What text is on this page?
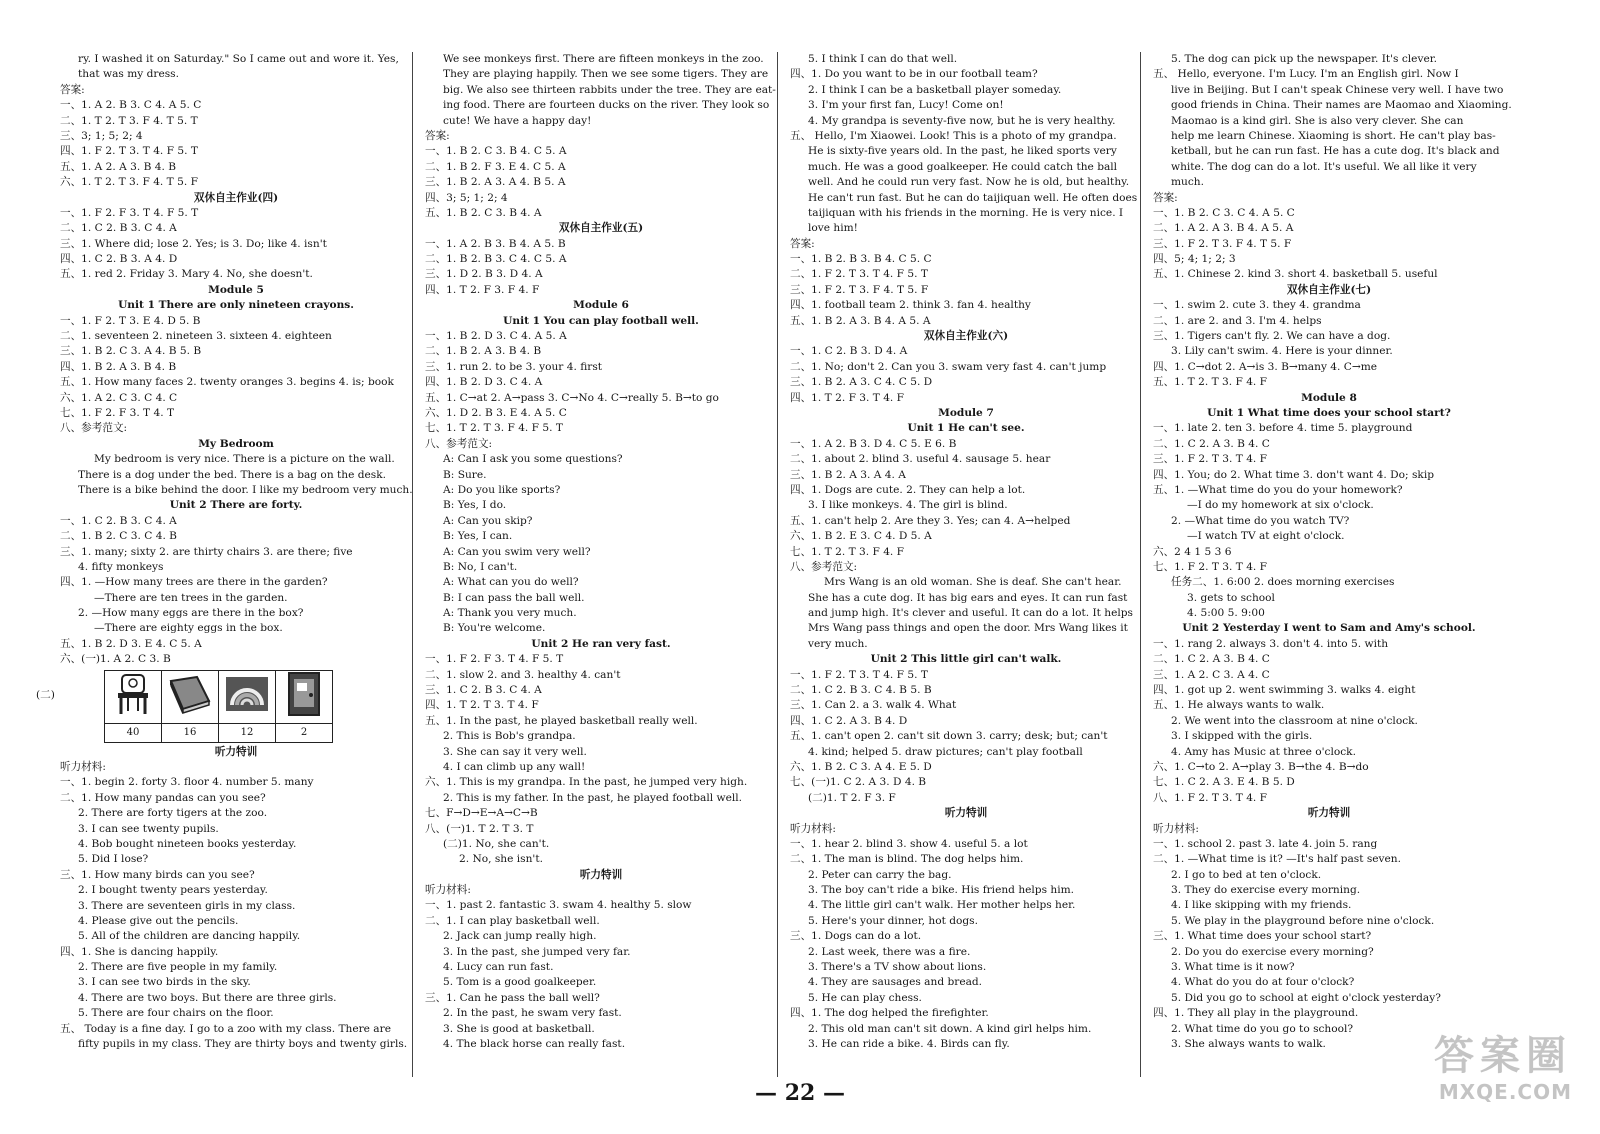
ry. I washed it on Saturday." So I came out and wore it. Yes,
that was my dress.
答案:
一、1. A 2. B 3. C 4. A 5. C
二、1. T 2. T 3. F 4. T 5. T
三、3; 1; 5; 2; 4
四、1. F 2. T 3. T 4. F 5. T
五、1. A 2. A 3. B 4. B
六、1. T 2. T 3. F 4. T 5. F
双休自主作业(四)
一、1. F 2. F 3. T 4. F 5. T
二、1. C 2. B 3. C 4. A
三、1. Where did; lose 2. Yes; is 3. Do; like 4. isn't
四、1. C 2. B 3. A 4. D
五、1. red 2. Friday 3. Mary 4. No, she doesn't.
Module 5
Unit 1 There are only nineteen crayons.
一、1. F 2. T 3. E 4. D 5. B
二、1. seventeen 2. nineteen 3. sixteen 4. eighteen
三、1. B 2. C 3. A 4. B 5. B
四、1. B 2. A 3. B 4. B
五、1. How many faces 2. twenty oranges 3. begins 4. is; book
六、1. A 2. C 3. C 4. C
七、1. F 2. F 3. T 4. T
八、参考范文:
My Bedroom
My bedroom is very nice. There is a picture on the wall.
There is a dog under the bed. There is a bag on the desk.
There is a bike behind the door. I like my bedroom very much.
Unit 2 There are forty.
一、1. C 2. B 3. C 4. A
二、1. B 2. C 3. C 4. B
三、1. many; sixty 2. are thirty chairs 3. are there; five
4. fifty monkeys
四、1. —How many trees are there in the garden?
—There are ten trees in the garden.
2. —How many eggs are there in the box?
—There are eighty eggs in the box.
五、1. B 2. D 3. E 4. C 5. A
六、(一)1. A 2. C 3. B
(二)

40	16	12	2
听力特训
听力材料:
一、1. begin 2. forty 3. floor 4. number 5. many
二、1. How many pandas can you see?
2. There are forty tigers at the zoo.
3. I can see twenty pupils.
4. Bob bought nineteen books yesterday.
5. Did I lose?
三、1. How many birds can you see?
2. I bought twenty pears yesterday.
3. There are seventeen girls in my class.
4. Please give out the pencils.
5. All of the children are dancing happily.
四、1. She is dancing happily.
2. There are five people in my family.
3. I can see two birds in the sky.
4. There are two boys. But there are three girls.
5. There are four chairs on the floor.
五、 Today is a fine day. I go to a zoo with my class. There are
fifty pupils in my class. They are thirty boys and twenty girls.
We see monkeys first. There are fifteen monkeys in the zoo.
They are playing happily. Then we see some tigers. They are
big. We also see thirteen rabbits under the tree. They are eat-
ing food. There are fourteen ducks on the river. They look so
cute! We have a happy day!
答案:
一、1. B 2. C 3. B 4. C 5. A
二、1. B 2. F 3. E 4. C 5. A
三、1. B 2. A 3. A 4. B 5. A
四、3; 5; 1; 2; 4
五、1. B 2. C 3. B 4. A
双休自主作业(五)
一、1. A 2. B 3. B 4. A 5. B
二、1. B 2. B 3. C 4. C 5. A
三、1. D 2. B 3. D 4. A
四、1. T 2. F 3. F 4. F
Module 6
Unit 1 You can play football well.
一、1. B 2. D 3. C 4. A 5. A
二、1. B 2. A 3. B 4. B
三、1. run 2. to be 3. your 4. first
四、1. B 2. D 3. C 4. A
五、1. C→at 2. A→pass 3. C→No 4. C→really 5. B→to go
六、1. D 2. B 3. E 4. A 5. C
七、1. T 2. T 3. F 4. F 5. T
八、参考范文:
A: Can I ask you some questions?
B: Sure.
A: Do you like sports?
B: Yes, I do.
A: Can you skip?
B: Yes, I can.
A: Can you swim very well?
B: No, I can't.
A: What can you do well?
B: I can pass the ball well.
A: Thank you very much.
B: You're welcome.
Unit 2 He ran very fast.
一、1. F 2. F 3. T 4. F 5. T
二、1. slow 2. and 3. healthy 4. can't
三、1. C 2. B 3. C 4. A
四、1. T 2. T 3. T 4. F
五、1. In the past, he played basketball really well.
2. This is Bob's grandpa.
3. She can say it very well.
4. I can climb up any wall!
六、1. This is my grandpa. In the past, he jumped very high.
2. This is my father. In the past, he played football well.
七、F→D→E→A→C→B
八、(一)1. T 2. T 3. T
(二)1. No, she can't.
2. No, she isn't.
听力特训
听力材料:
一、1. past 2. fantastic 3. swam 4. healthy 5. slow
二、1. I can play basketball well.
2. Jack can jump really high.
3. In the past, she jumped very far.
4. Lucy can run fast.
5. Tom is a good goalkeeper.
三、1. Can he pass the ball well?
2. In the past, he swam very fast.
3. She is good at basketball.
4. The black horse can really fast.
5. I think I can do that well.
四、1. Do you want to be in our football team?
2. I think I can be a basketball player someday.
3. I'm your first fan, Lucy! Come on!
4. My grandpa is seventy-five now, but he is very healthy.
五、 Hello, I'm Xiaowei. Look! This is a photo of my grandpa.
He is sixty-five years old. In the past, he liked sports very
much. He was a good goalkeeper. He could catch the ball
well. And he could run very fast. Now he is old, but healthy.
He can't run fast. But he can do taijiquan well. He often does
taijiquan with his friends in the morning. He is very nice. I
love him!
答案:
一、1. B 2. B 3. B 4. C 5. C
二、1. F 2. T 3. T 4. F 5. T
三、1. F 2. T 3. F 4. T 5. F
四、1. football team 2. think 3. fan 4. healthy
五、1. B 2. A 3. B 4. A 5. A
双休自主作业(六)
一、1. C 2. B 3. D 4. A
二、1. No; don't 2. Can you 3. swam very fast 4. can't jump
三、1. B 2. A 3. C 4. C 5. D
四、1. T 2. F 3. T 4. F
Module 7
Unit 1 He can't see.
一、1. A 2. B 3. D 4. C 5. E 6. B
二、1. about 2. blind 3. useful 4. sausage 5. hear
三、1. B 2. A 3. A 4. A
四、1. Dogs are cute. 2. They can help a lot.
3. I like monkeys. 4. The girl is blind.
五、1. can't help 2. Are they 3. Yes; can 4. A→helped
六、1. B 2. E 3. C 4. D 5. A
七、1. T 2. T 3. F 4. F
八、参考范文:
Mrs Wang is an old woman. She is deaf. She can't hear.
She has a cute dog. It has big ears and eyes. It can run fast
and jump high. It's clever and useful. It can do a lot. It helps
Mrs Wang pass things and open the door. Mrs Wang likes it
very much.
Unit 2 This little girl can't walk.
一、1. F 2. T 3. T 4. F 5. T
二、1. C 2. B 3. C 4. B 5. B
三、1. Can 2. a 3. walk 4. What
四、1. C 2. A 3. B 4. D
五、1. can't open 2. can't sit down 3. carry; desk; but; can't
4. kind; helped 5. draw pictures; can't play football
六、1. B 2. C 3. A 4. E 5. D
七、(一)1. C 2. A 3. D 4. B
(二)1. T 2. F 3. F
听力特训
听力材料:
一、1. hear 2. blind 3. show 4. useful 5. a lot
二、1. The man is blind. The dog helps him.
2. Peter can carry the bag.
3. The boy can't ride a bike. His friend helps him.
4. The little girl can't walk. Her mother helps her.
5. Here's your dinner, hot dogs.
三、1. Dogs can do a lot.
2. Last week, there was a fire.
3. There's a TV show about lions.
4. They are sausages and bread.
5. He can play chess.
四、1. The dog helped the firefighter.
2. This old man can't sit down. A kind girl helps him.
3. He can ride a bike. 4. Birds can fly.
5. The dog can pick up the newspaper. It's clever.
五、 Hello, everyone. I'm Lucy. I'm an English girl. Now I
live in Beijing. But I can't speak Chinese very well. I have two
good friends in China. Their names are Maomao and Xiaoming.
Maomao is a kind girl. She is also very clever. She can
help me learn Chinese. Xiaoming is short. He can't play bas-
ketball, but he can run fast. He has a cute dog. It's black and
white. The dog can do a lot. It's useful. We all like it very
much.
答案:
一、1. B 2. C 3. C 4. A 5. C
二、1. A 2. A 3. B 4. A 5. A
三、1. F 2. T 3. F 4. T 5. F
四、5; 4; 1; 2; 3
五、1. Chinese 2. kind 3. short 4. basketball 5. useful
双休自主作业(七)
一、1. swim 2. cute 3. they 4. grandma
二、1. are 2. and 3. I'm 4. helps
三、1. Tigers can't fly. 2. We can have a dog.
3. Lily can't swim. 4. Here is your dinner.
四、1. C→dot 2. A→is 3. B→many 4. C→me
五、1. T 2. T 3. F 4. F
Module 8
Unit 1 What time does your school start?
一、1. late 2. ten 3. before 4. time 5. playground
二、1. C 2. A 3. B 4. C
三、1. F 2. T 3. T 4. F
四、1. You; do 2. What time 3. don't want 4. Do; skip
五、1. —What time do you do your homework?
—I do my homework at six o'clock.
2. —What time do you watch TV?
—I watch TV at eight o'clock.
六、2 4 1 5 3 6
七、1. F 2. T 3. T 4. F
任务二、1. 6:00 2. does morning exercises
3. gets to school
4. 5:00 5. 9:00
Unit 2 Yesterday I went to Sam and Amy's school.
一、1. rang 2. always 3. don't 4. into 5. with
二、1. C 2. A 3. B 4. C
三、1. A 2. C 3. A 4. C
四、1. got up 2. went swimming 3. walks 4. eight
五、1. He always wants to walk.
2. We went into the classroom at nine o'clock.
3. I skipped with the girls.
4. Amy has Music at three o'clock.
六、1. C→to 2. A→play 3. B→the 4. B→do
七、1. C 2. A 3. E 4. B 5. D
八、1. F 2. T 3. T 4. F
听力特训
听力材料:
一、1. school 2. past 3. late 4. join 5. rang
二、1. —What time is it? —It's half past seven.
2. I go to bed at ten o'clock.
3. They do exercise every morning.
4. I like skipping with my friends.
5. We play in the playground before nine o'clock.
三、1. What time does your school start?
2. Do you do exercise every morning?
3. What time is it now?
4. What do you do at four o'clock?
5. Did you go to school at eight o'clock yesterday?
四、1. They all play in the playground.
2. What time do you go to school?
3. She always wants to walk.
— 22 —
答案圈
MXQE.COM
